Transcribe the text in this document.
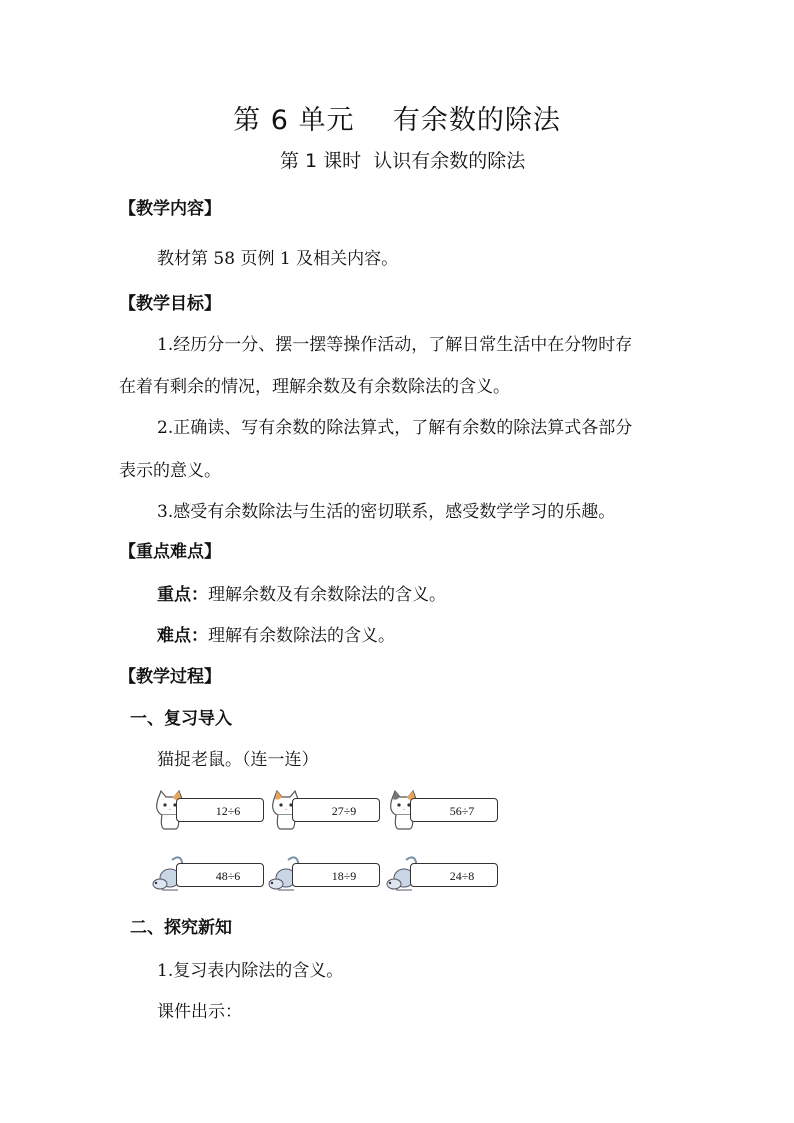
第 6 单元    有余数的除法
第 1 课时  认识有余数的除法
【教学内容】
教材第 58 页例 1 及相关内容。
【教学目标】
1.经历分一分、摆一摆等操作活动，了解日常生活中在分物时存
在着有剩余的情况，理解余数及有余数除法的含义。
2.正确读、写有余数的除法算式，了解有余数的除法算式各部分
表示的意义。
3.感受有余数除法与生活的密切联系，感受数学学习的乐趣。
【重点难点】
重点：理解余数及有余数除法的含义。
难点：理解有余数除法的含义。
【教学过程】
一、复习导入
猫捉老鼠。（连一连）
12÷6	27÷9	56÷7
48÷6	18÷9	24÷8
二、探究新知
1.复习表内除法的含义。
课件出示：
